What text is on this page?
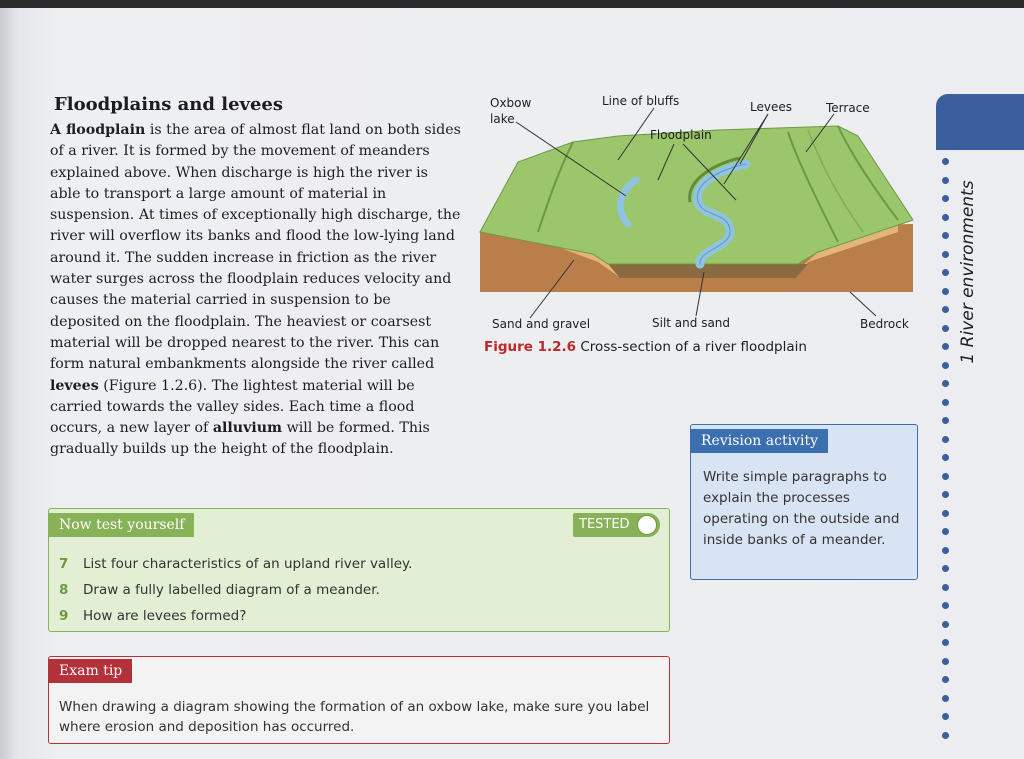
Floodplains and levees
A floodplain is the area of almost flat land on both sides of a river. It is formed by the movement of meanders explained above. When discharge is high the river is able to transport a large amount of material in suspension. At times of exceptionally high discharge, the river will overflow its banks and flood the low-lying land around it. The sudden increase in friction as the river water surges across the floodplain reduces velocity and causes the material carried in suspension to be deposited on the floodplain. The heaviest or coarsest material will be dropped nearest to the river. This can form natural embankments alongside the river called levees (Figure 1.2.6). The lightest material will be carried towards the valley sides. Each time a flood occurs, a new layer of alluvium will be formed. This gradually builds up the height of the floodplain.
Oxbow
lake
Line of bluffs	Levees	Terrace
Floodplain
Sand and gravel	Silt and sand	Bedrock
Figure 1.2.6 Cross-section of a river floodplain
Revision activity
Write simple paragraphs to explain the processes operating on the outside and inside banks of a meander.
Now test yourself	TESTED
7 List four characteristics of an upland river valley.
8 Draw a fully labelled diagram of a meander.
9 How are levees formed?
Exam tip
When drawing a diagram showing the formation of an oxbow lake, make sure you label where erosion and deposition has occurred.
1 River environments
